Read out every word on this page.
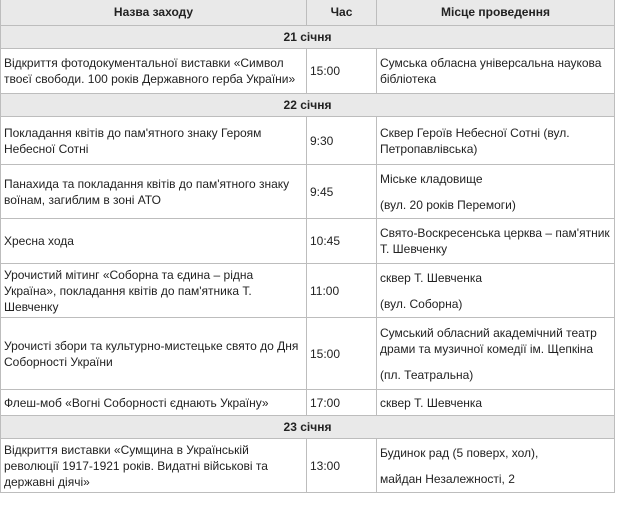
Назва заходу	Час	Місце проведення
21 січня		
Відкриття фотодокументальної виставки «Символ твоєї свободи. 100 років Державного герба України»	15:00	Сумська обласна універсальна наукова бібліотека

22 січня		
Покладання квітів до пам'ятного знаку Героям Небесної Сотні	9:30	Сквер Героїв Небесної Сотні (вул. Петропавлівська)

Панахида та покладання квітів до пам'ятного знаку воїнам, загиблим в зоні АТО	9:45	Міське кладовище

(вул. 20 років Перемоги)

Хресна хода	10:45	Свято-Воскресенська церква – пам'ятник Т. Шевченку

Урочистий мітинг «Соборна та єдина – рідна Україна», покладання квітів до пам'ятника Т. Шевченку	11:00	сквер Т. Шевченка

(вул. Соборна)

Урочисті збори та культурно-мистецьке свято до Дня Соборності України	15:00	Сумський обласний академічний театр драми та музичної комедії ім. Щепкіна

(пл. Театральна)

Флеш-моб «Вогні Соборності єднають Україну»	17:00	сквер Т. Шевченка

23 січня		
Відкриття виставки «Сумщина в Українській революції 1917-1921 років. Видатні військові та державні діячі»	13:00	Будинок рад (5 поверх, хол),

майдан Незалежності, 2
